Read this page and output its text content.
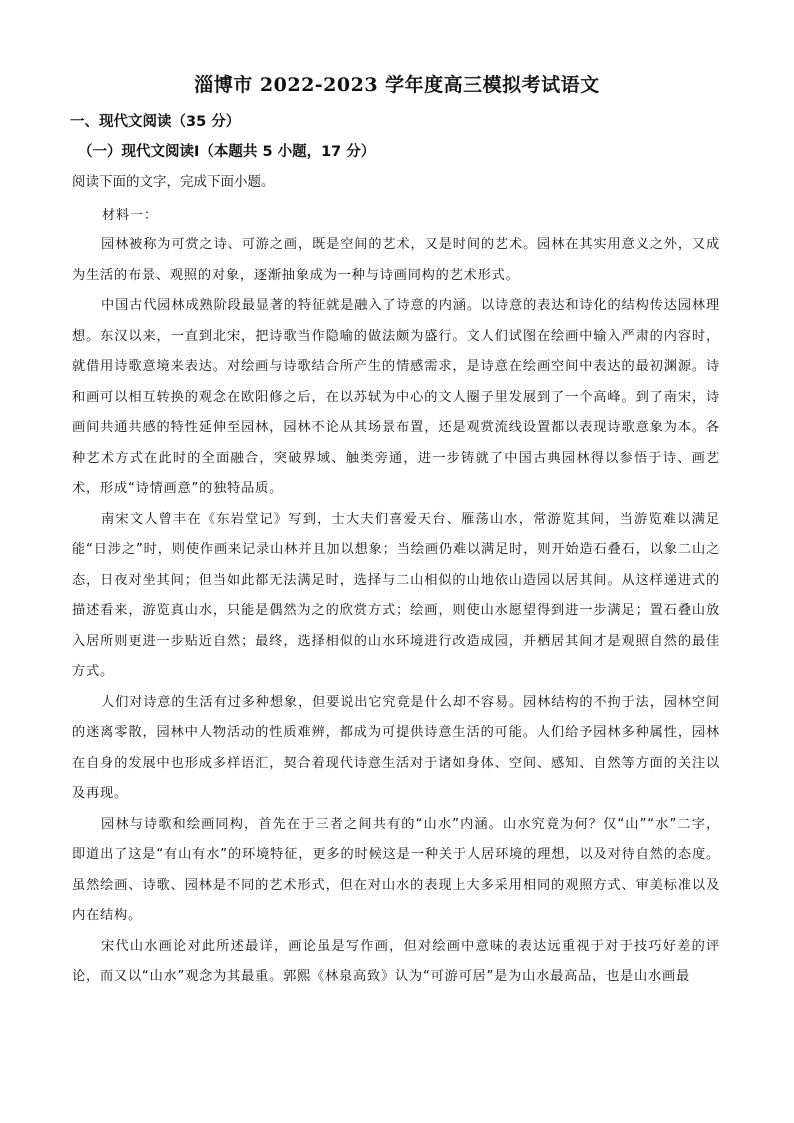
淄博市 2022-2023 学年度高三模拟考试语文
一、现代文阅读（35 分）
（一）现代文阅读Ⅰ（本题共 5 小题，17 分）
阅读下面的文字，完成下面小题。
材料一：

园林被称为可赏之诗、可游之画，既是空间的艺术，又是时间的艺术。园林在其实用意义之外，又成为生活的布景、观照的对象，逐渐抽象成为一种与诗画同构的艺术形式。

中国古代园林成熟阶段最显著的特征就是融入了诗意的内涵。以诗意的表达和诗化的结构传达园林理想。东汉以来，一直到北宋，把诗歌当作隐喻的做法颇为盛行。文人们试图在绘画中输入严肃的内容时，就借用诗歌意境来表达。对绘画与诗歌结合所产生的情感需求，是诗意在绘画空间中表达的最初渊源。诗和画可以相互转换的观念在欧阳修之后，在以苏轼为中心的文人圈子里发展到了一个高峰。到了南宋，诗画间共通共感的特性延伸至园林，园林不论从其场景布置，还是观赏流线设置都以表现诗歌意象为本。各种艺术方式在此时的全面融合，突破界域、触类旁通，进一步铸就了中国古典园林得以参悟于诗、画艺术，形成“诗情画意”的独特品质。

南宋文人曾丰在《东岩堂记》写到，士大夫们喜爱天台、雁荡山水，常游览其间，当游览难以满足能“日涉之”时，则使作画来记录山林并且加以想象；当绘画仍难以满足时，则开始造石叠石，以象二山之态，日夜对坐其间；但当如此都无法满足时，选择与二山相似的山地依山造园以居其间。从这样递进式的描述看来，游览真山水，只能是偶然为之的欣赏方式；绘画，则使山水愿望得到进一步满足；置石叠山放入居所则更进一步贴近自然；最终，选择相似的山水环境进行改造成园，并栖居其间才是观照自然的最佳方式。

人们对诗意的生活有过多种想象，但要说出它究竟是什么却不容易。园林结构的不拘于法，园林空间的迷离零散，园林中人物活动的性质难辨，都成为可提供诗意生活的可能。人们给予园林多种属性，园林在自身的发展中也形成多样语汇，契合着现代诗意生活对于诸如身体、空间、感知、自然等方面的关注以及再现。

园林与诗歌和绘画同构，首先在于三者之间共有的“山水”内涵。山水究竟为何？仅“山”“水”二字，即道出了这是“有山有水”的环境特征，更多的时候这是一种关于人居环境的理想，以及对待自然的态度。虽然绘画、诗歌、园林是不同的艺术形式，但在对山水的表现上大多采用相同的观照方式、审美标准以及内在结构。

宋代山水画论对此所述最详，画论虽是写作画，但对绘画中意味的表达远重视于对于技巧好差的评论，而又以“山水”观念为其最重。郭熙《林泉高致》认为“可游可居”是为山水最高品，也是山水画最
